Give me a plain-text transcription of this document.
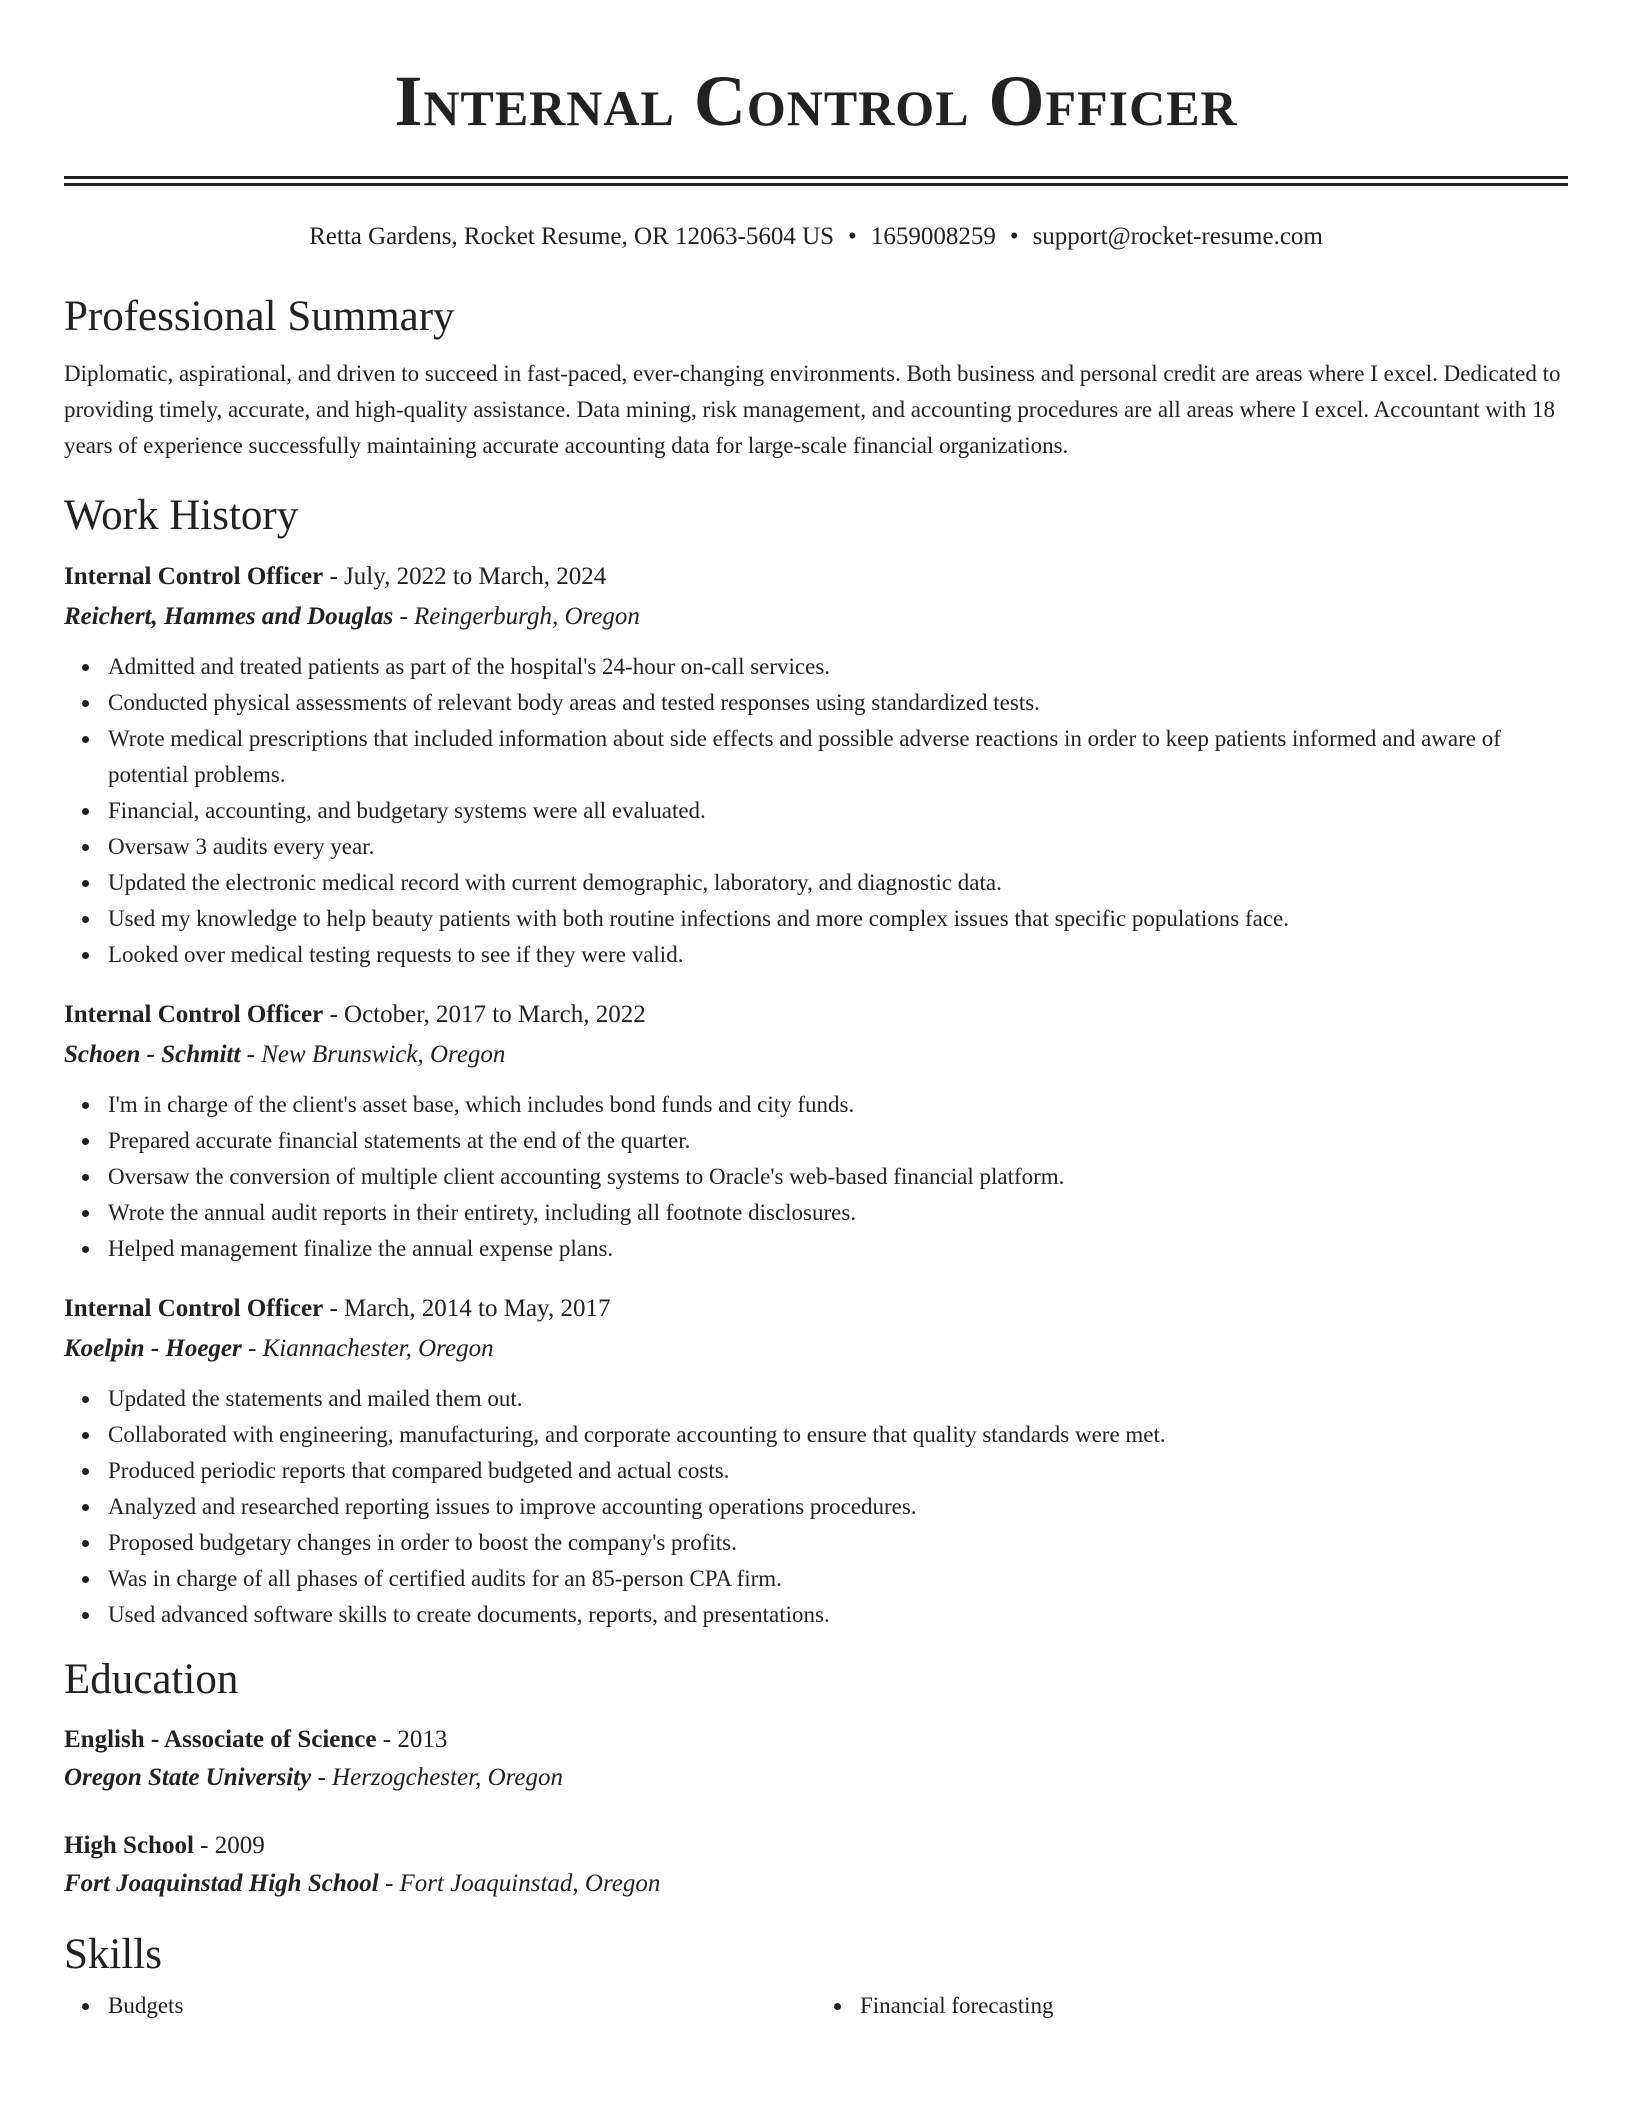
Internal Control Officer
Retta Gardens, Rocket Resume, OR 12063-5604 US • 1659008259 • support@rocket-resume.com
Professional Summary
Diplomatic, aspirational, and driven to succeed in fast-paced, ever-changing environments. Both business and personal credit are areas where I excel. Dedicated to providing timely, accurate, and high-quality assistance. Data mining, risk management, and accounting procedures are all areas where I excel. Accountant with 18 years of experience successfully maintaining accurate accounting data for large-scale financial organizations.
Work History
Internal Control Officer - July, 2022 to March, 2024
Reichert, Hammes and Douglas - Reingerburgh, Oregon
Admitted and treated patients as part of the hospital's 24-hour on-call services.
Conducted physical assessments of relevant body areas and tested responses using standardized tests.
Wrote medical prescriptions that included information about side effects and possible adverse reactions in order to keep patients informed and aware of potential problems.
Financial, accounting, and budgetary systems were all evaluated.
Oversaw 3 audits every year.
Updated the electronic medical record with current demographic, laboratory, and diagnostic data.
Used my knowledge to help beauty patients with both routine infections and more complex issues that specific populations face.
Looked over medical testing requests to see if they were valid.
Internal Control Officer - October, 2017 to March, 2022
Schoen - Schmitt - New Brunswick, Oregon
I'm in charge of the client's asset base, which includes bond funds and city funds.
Prepared accurate financial statements at the end of the quarter.
Oversaw the conversion of multiple client accounting systems to Oracle's web-based financial platform.
Wrote the annual audit reports in their entirety, including all footnote disclosures.
Helped management finalize the annual expense plans.
Internal Control Officer - March, 2014 to May, 2017
Koelpin - Hoeger - Kiannachester, Oregon
Updated the statements and mailed them out.
Collaborated with engineering, manufacturing, and corporate accounting to ensure that quality standards were met.
Produced periodic reports that compared budgeted and actual costs.
Analyzed and researched reporting issues to improve accounting operations procedures.
Proposed budgetary changes in order to boost the company's profits.
Was in charge of all phases of certified audits for an 85-person CPA firm.
Used advanced software skills to create documents, reports, and presentations.
Education
English - Associate of Science - 2013
Oregon State University - Herzogchester, Oregon
High School - 2009
Fort Joaquinstad High School - Fort Joaquinstad, Oregon
Skills
Budgets	Financial forecasting
